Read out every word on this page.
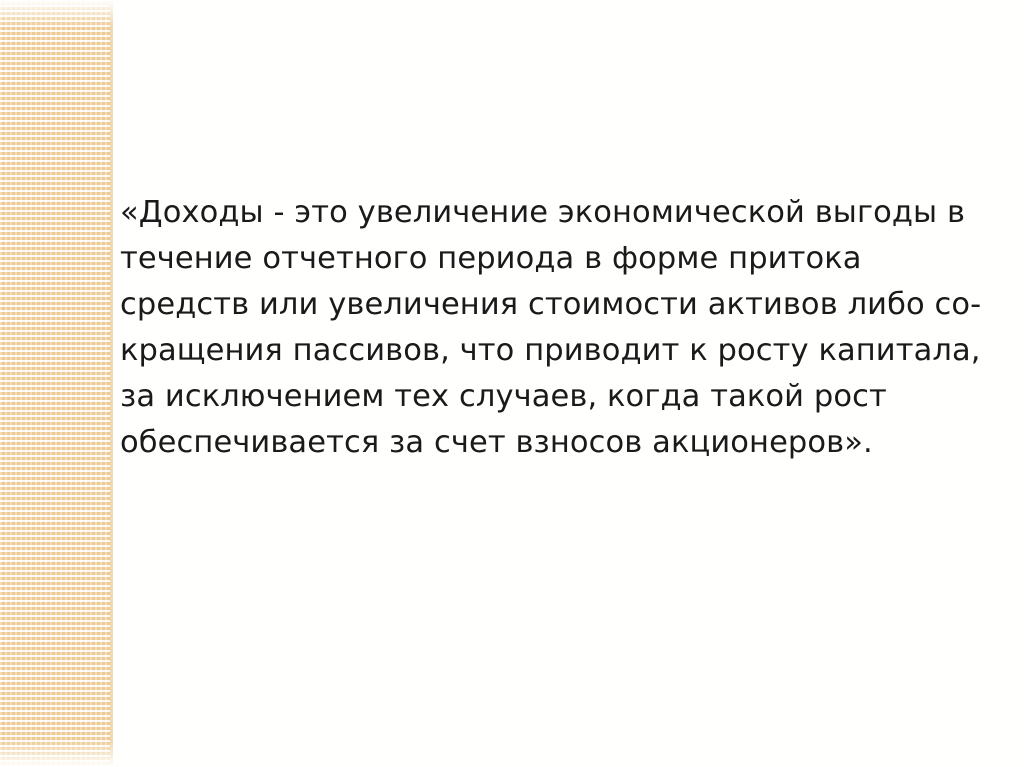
«Доходы - это увеличение экономической выгоды в течение отчетного периода в форме притока средств или увеличения стоимости активов либо со-кращения пассивов, что приводит к росту капитала, за исключением тех случаев, когда такой рост обеспечивается за счет взносов акционеров».
